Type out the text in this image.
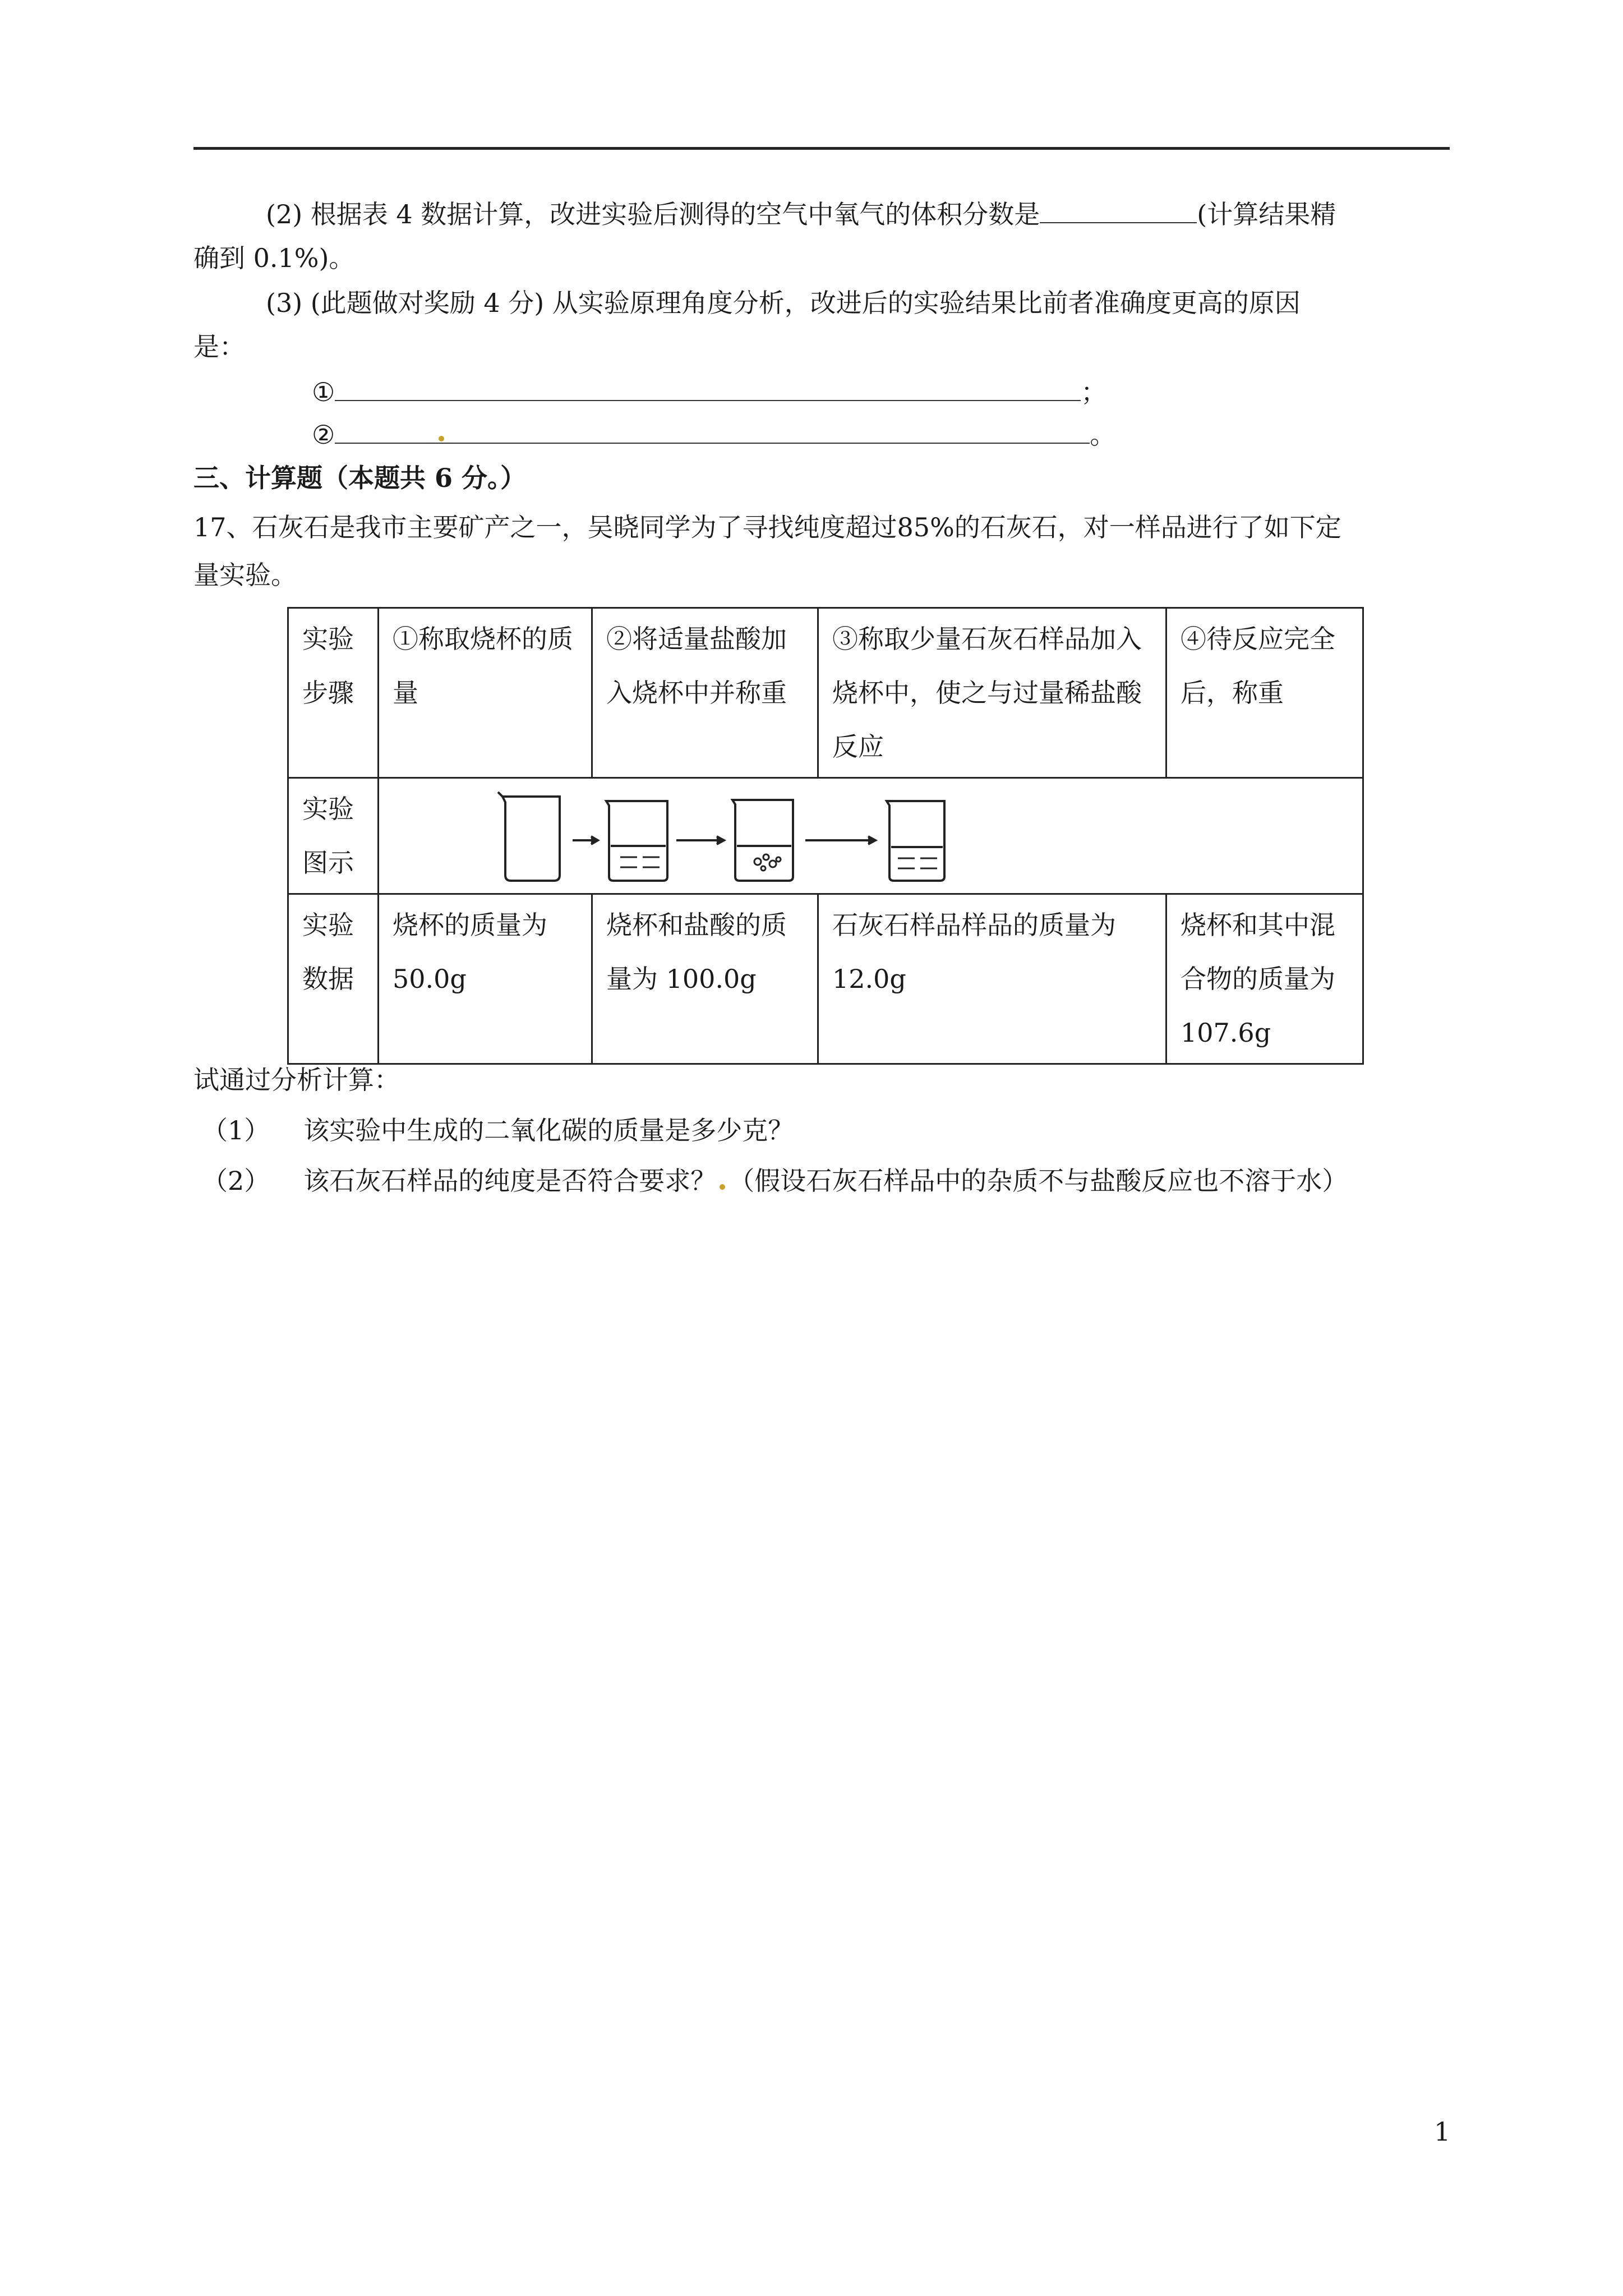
(2) 根据表 4 数据计算，改进实验后测得的空气中氧气的体积分数是	(计算结果精
确到 0.1%)。
(3) (此题做对奖励 4 分) 从实验原理角度分析，改进后的实验结果比前者准确度更高的原因
是：
①	；
②	。
三、计算题（本题共 6 分。）
17、石灰石是我市主要矿产之一，吴晓同学为了寻找纯度超过85%的石灰石，对一样品进行了如下定
量实验。
实验步骤	①称取烧杯的质量	②将适量盐酸加入烧杯中并称重	③称取少量石灰石样品加入烧杯中，使之与过量稀盐酸反应	④待反应完全后，称重
实验图示	

实验数据	烧杯的质量为 50.0g	烧杯和盐酸的质量为 100.0g	石灰石样品样品的质量为 12.0g	烧杯和其中混合物的质量为 107.6g
试通过分析计算：
（1） 该实验中生成的二氧化碳的质量是多少克？
（2） 该石灰石样品的纯度是否符合要求？ （假设石灰石样品中的杂质不与盐酸反应也不溶于水）
1
